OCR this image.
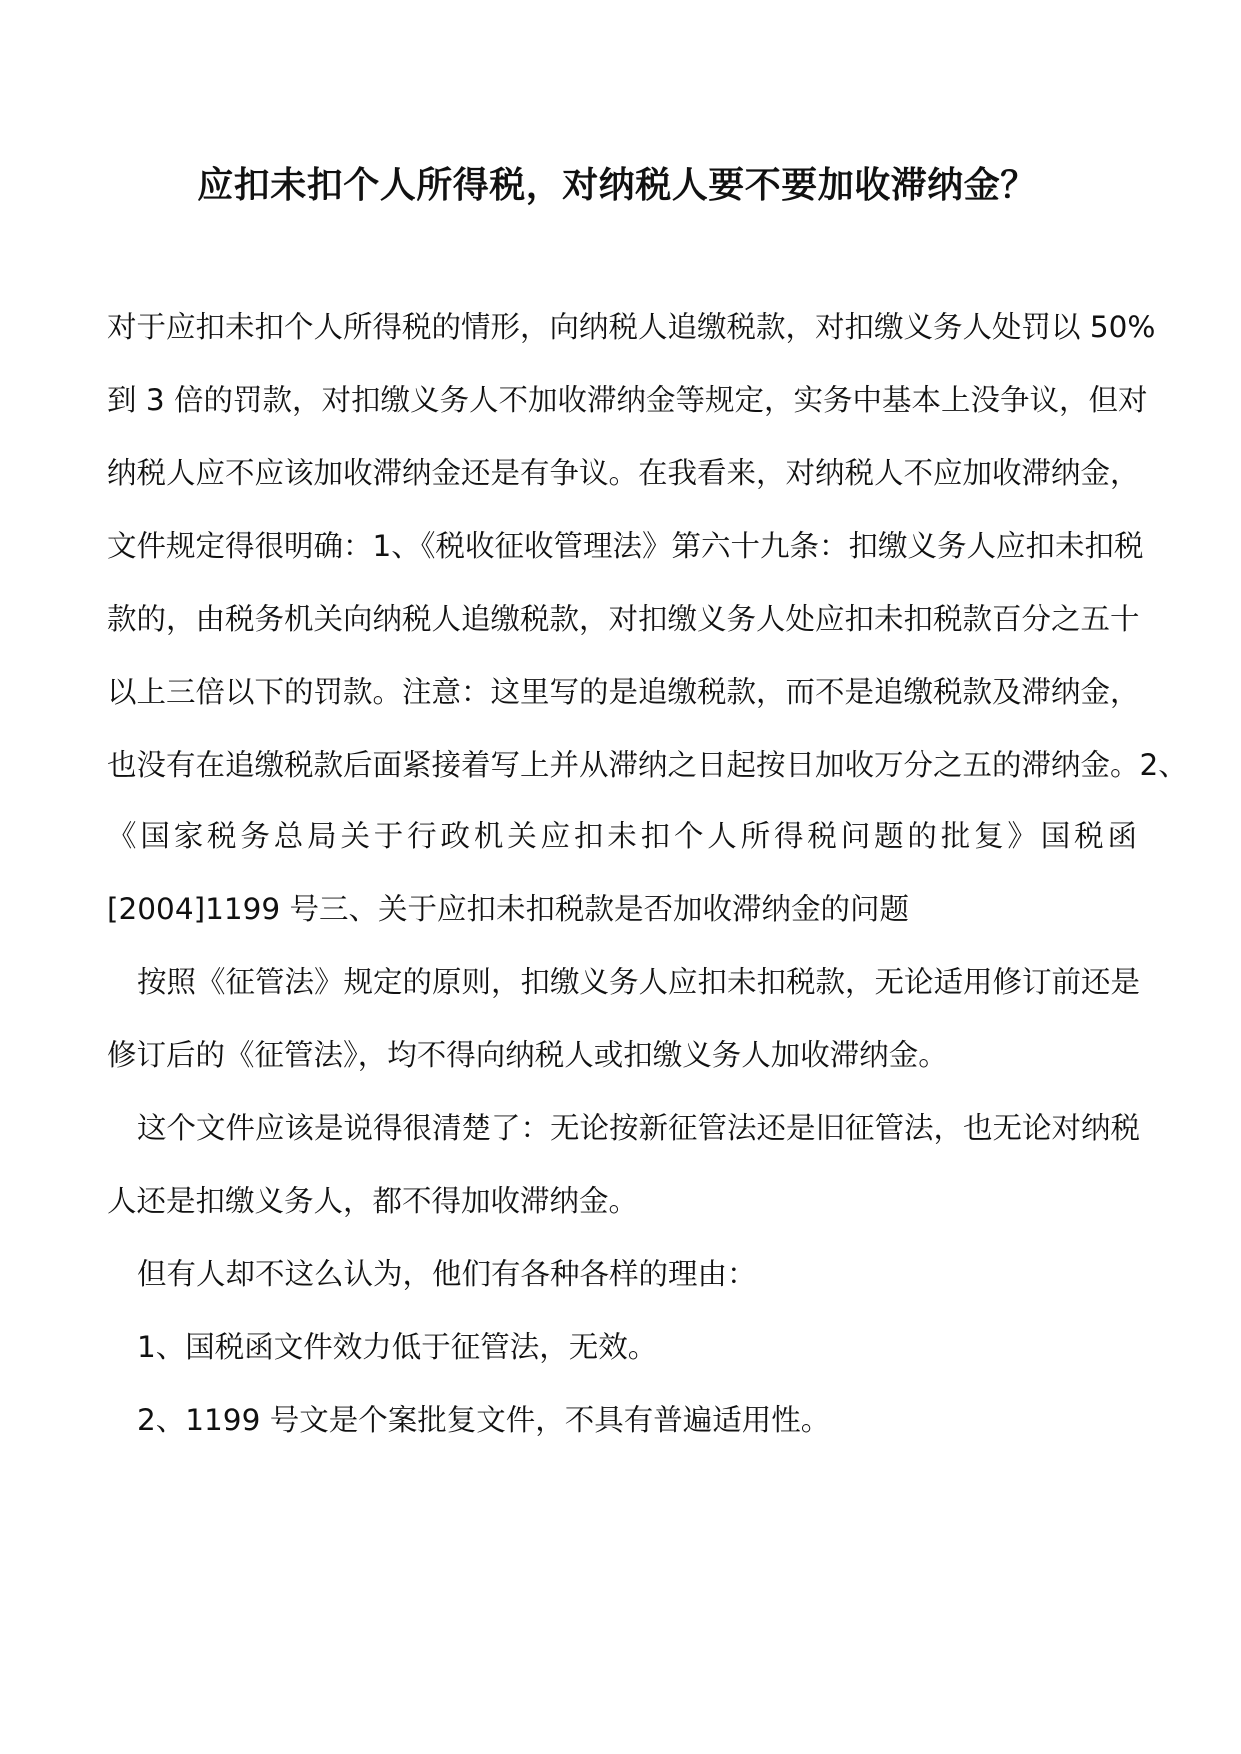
应扣未扣个人所得税，对纳税人要不要加收滞纳金？

对于应扣未扣个人所得税的情形，向纳税人追缴税款，对扣缴义务人处罚以 50%

到 3 倍的罚款，对扣缴义务人不加收滞纳金等规定，实务中基本上没争议，但对

纳税人应不应该加收滞纳金还是有争议。在我看来，对纳税人不应加收滞纳金，

文件规定得很明确：1、《税收征收管理法》第六十九条：扣缴义务人应扣未扣税

款的，由税务机关向纳税人追缴税款，对扣缴义务人处应扣未扣税款百分之五十

以上三倍以下的罚款。注意：这里写的是追缴税款，而不是追缴税款及滞纳金，

也没有在追缴税款后面紧接着写上并从滞纳之日起按日加收万分之五的滞纳金。2、

《国家税务总局关于行政机关应扣未扣个人所得税问题的批复》国税函

[2004]1199 号三、关于应扣未扣税款是否加收滞纳金的问题

按照《征管法》规定的原则，扣缴义务人应扣未扣税款，无论适用修订前还是

修订后的《征管法》，均不得向纳税人或扣缴义务人加收滞纳金。

这个文件应该是说得很清楚了：无论按新征管法还是旧征管法，也无论对纳税

人还是扣缴义务人，都不得加收滞纳金。

但有人却不这么认为，他们有各种各样的理由：

1、国税函文件效力低于征管法，无效。

2、1199 号文是个案批复文件，不具有普遍适用性。
